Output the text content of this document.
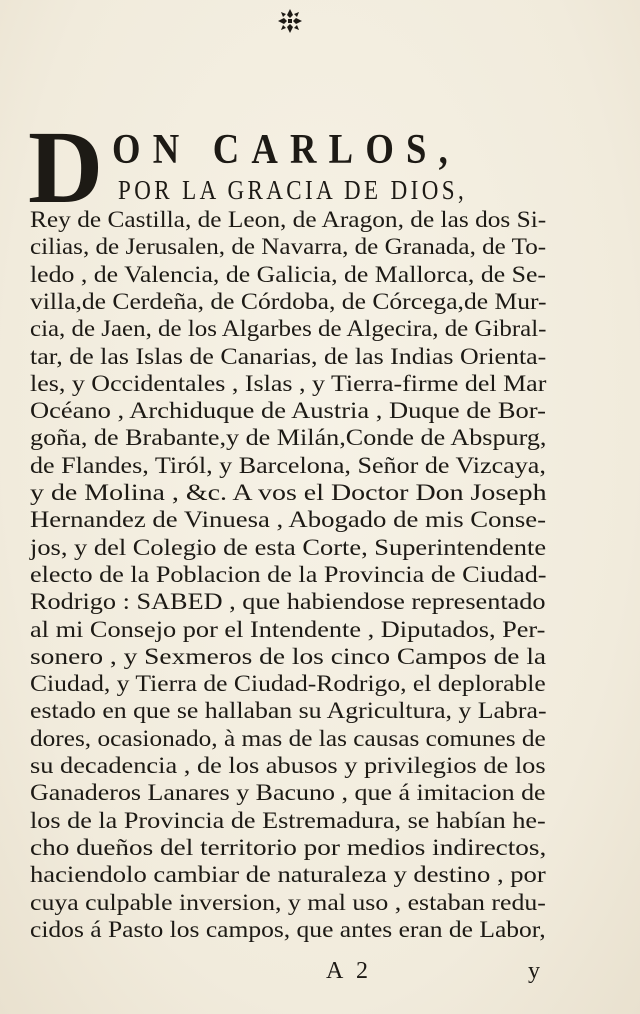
D ON CARLOS,
POR LA GRACIA DE DIOS,
Rey de Castilla, de Leon, de Aragon, de las dos Si-
cilias, de Jerusalen, de Navarra, de Granada, de To-
ledo , de Valencia, de Galicia, de Mallorca, de Se-
villa,de Cerdeña, de Córdoba, de Córcega,de Mur-
cia, de Jaen, de los Algarbes de Algecira, de Gibral-
tar, de las Islas de Canarias, de las Indias Orienta-
les, y Occidentales , Islas , y Tierra-firme del Mar
Océano , Archiduque de Austria , Duque de Bor-
goña, de Brabante,y de Milán,Conde de Abspurg,
de Flandes, Tiról, y Barcelona, Señor de Vizcaya,
y de Molina , &c. A vos el Doctor Don Joseph
Hernandez de Vinuesa , Abogado de mis Conse-
jos, y del Colegio de esta Corte, Superintendente
electo de la Poblacion de la Provincia de Ciudad-
Rodrigo : SABED , que habiendose representado
al mi Consejo por el Intendente , Diputados, Per-
sonero , y Sexmeros de los cinco Campos de la
Ciudad, y Tierra de Ciudad-Rodrigo, el deplorable
estado en que se hallaban su Agricultura, y Labra-
dores, ocasionado, à mas de las causas comunes de
su decadencia , de los abusos y privilegios de los
Ganaderos Lanares y Bacuno , que á imitacion de
los de la Provincia de Estremadura, se habían he-
cho dueños del territorio por medios indirectos,
haciendolo cambiar de naturaleza y destino , por
cuya culpable inversion, y mal uso , estaban redu-
cidos á Pasto los campos, que antes eran de Labor,
A 2	y
